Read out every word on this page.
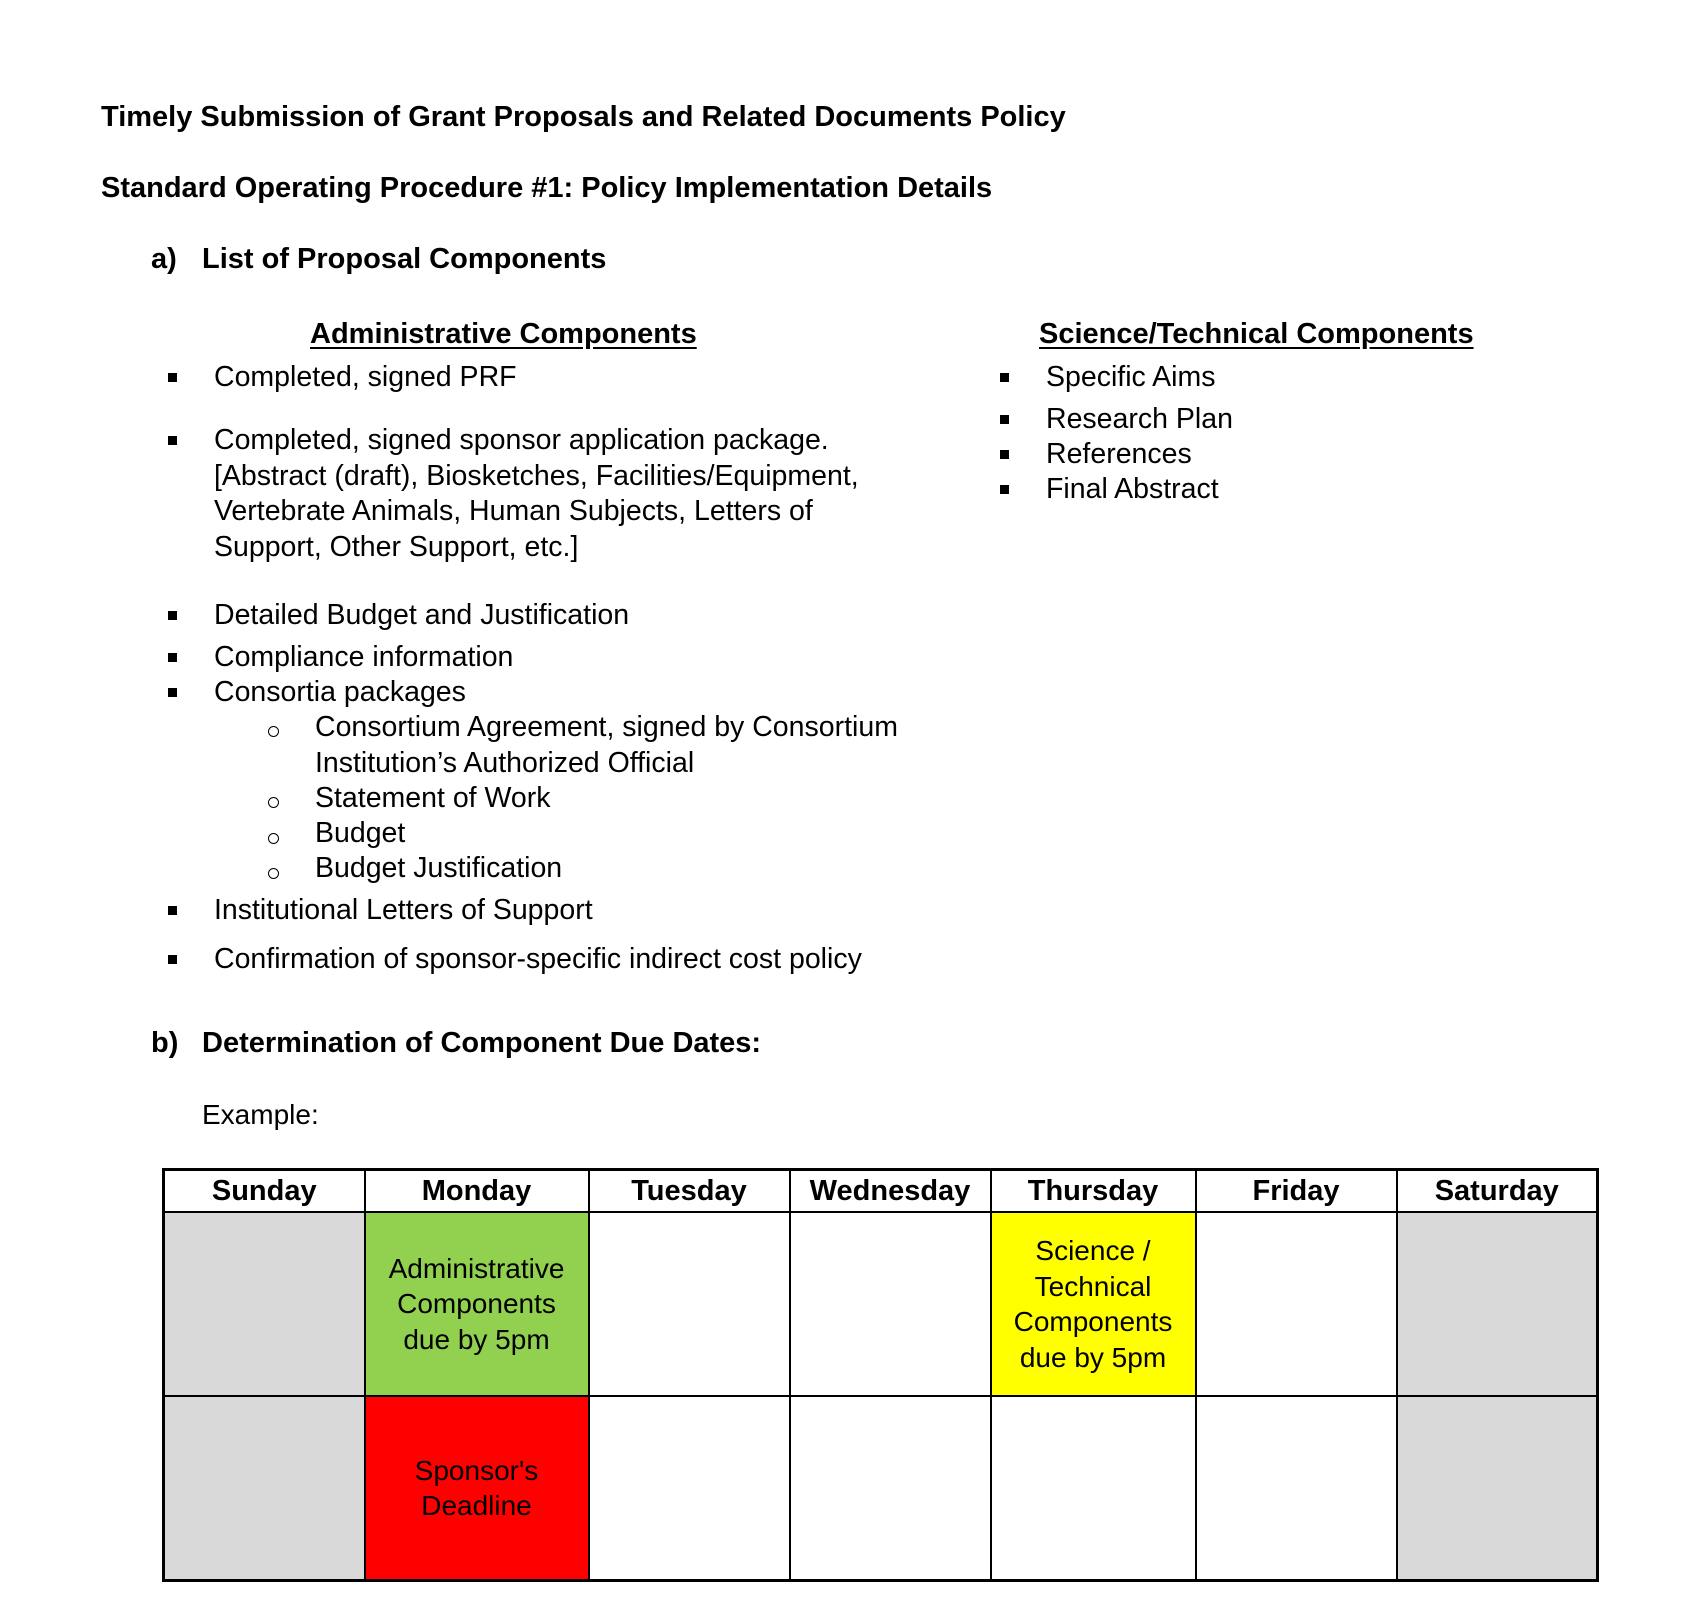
Timely Submission of Grant Proposals and Related Documents Policy
Standard Operating Procedure #1: Policy Implementation Details
a) List of Proposal Components
Administrative Components
Completed, signed PRF
Completed, signed sponsor application package. [Abstract (draft), Biosketches, Facilities/Equipment, Vertebrate Animals, Human Subjects, Letters of Support, Other Support, etc.]
Detailed Budget and Justification
Compliance information
Consortia packages
Consortium Agreement, signed by Consortium Institution’s Authorized Official
Statement of Work
Budget
Budget Justification
Institutional Letters of Support
Confirmation of sponsor-specific indirect cost policy
Science/Technical Components
Specific Aims
Research Plan
References
Final Abstract
b) Determination of Component Due Dates:
Example:
Sunday	Monday	Tuesday	Wednesday	Thursday	Friday	Saturday

	Administrative Components due by 5pm			Science / Technical Components due by 5pm		

	Sponsor's Deadline					
